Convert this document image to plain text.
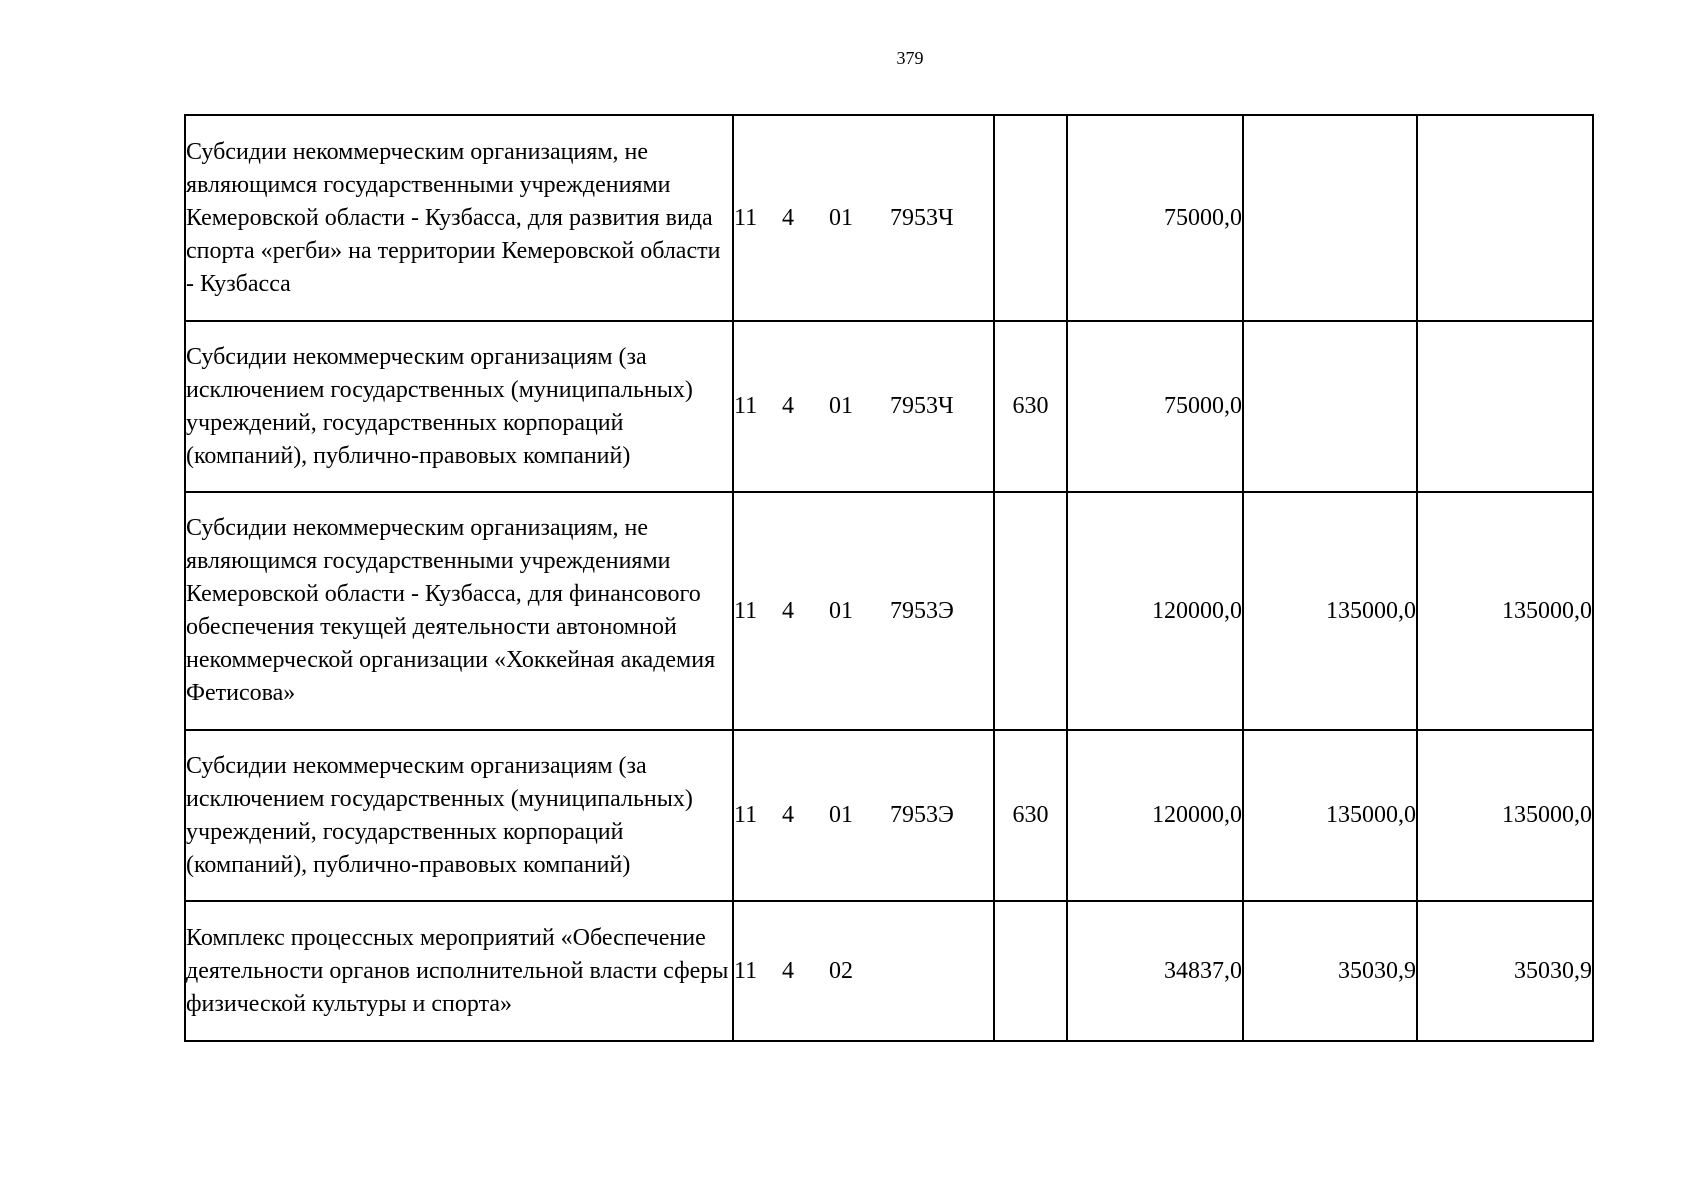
379
Субсидии некоммерческим организациям, не являющимся государственными учреждениями Кемеровской области - Кузбасса, для развития вида спорта «регби» на территории Кемеровской области - Кузбасса	11 4 01 7953Ч		75000,0		
Субсидии некоммерческим организациям (за исключением государственных (муниципальных) учреждений, государственных корпораций (компаний), публично-правовых компаний)	11 4 01 7953Ч	630	75000,0		
Субсидии некоммерческим организациям, не являющимся государственными учреждениями Кемеровской области - Кузбасса, для финансового обеспечения текущей деятельности автономной некоммерческой организации «Хоккейная академия Фетисова»	11 4 01 7953Э		120000,0	135000,0	135000,0
Субсидии некоммерческим организациям (за исключением государственных (муниципальных) учреждений, государственных корпораций (компаний), публично-правовых компаний)	11 4 01 7953Э	630	120000,0	135000,0	135000,0
Комплекс процессных мероприятий «Обеспечение деятельности органов исполнительной власти сферы физической культуры и спорта»	11 4 02		34837,0	35030,9	35030,9
